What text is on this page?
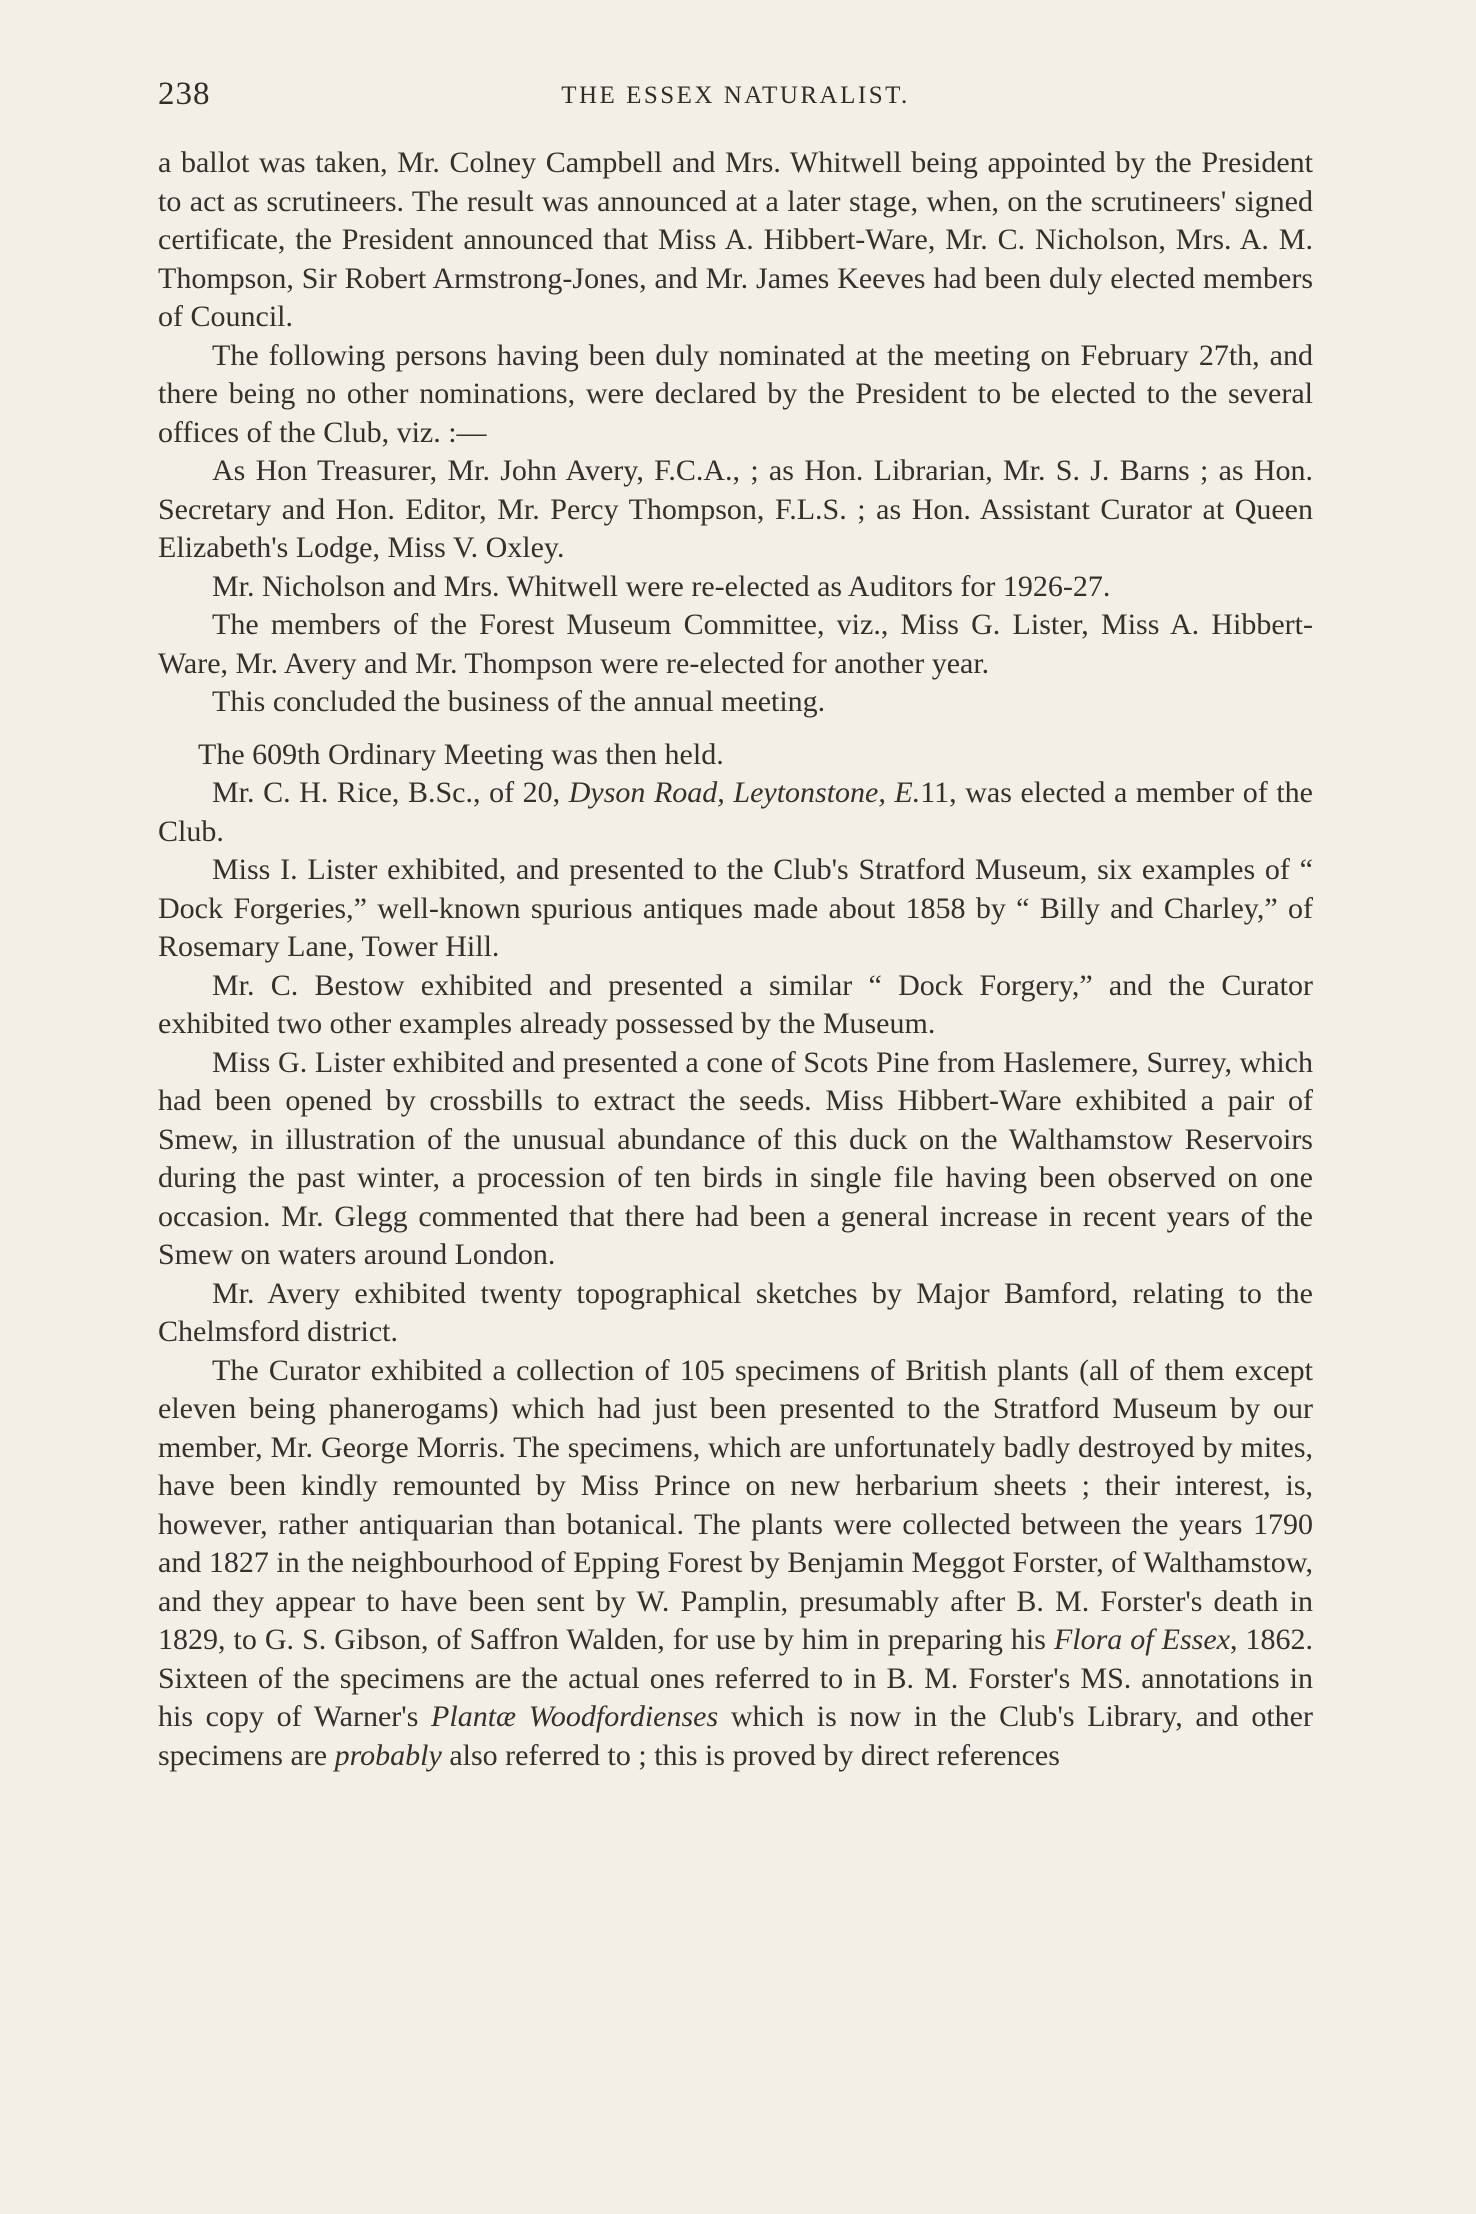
238	THE ESSEX NATURALIST.

a ballot was taken, Mr. Colney Campbell and Mrs. Whitwell being appointed by the President to act as scrutineers. The result was announced at a later stage, when, on the scrutineers' signed certificate, the President announced that Miss A. Hibbert-Ware, Mr. C. Nicholson, Mrs. A. M. Thompson, Sir Robert Armstrong-Jones, and Mr. James Keeves had been duly elected members of Council.

The following persons having been duly nominated at the meeting on February 27th, and there being no other nominations, were declared by the President to be elected to the several offices of the Club, viz. :—

As Hon Treasurer, Mr. John Avery, F.C.A., ; as Hon. Librarian, Mr. S. J. Barns ; as Hon. Secretary and Hon. Editor, Mr. Percy Thompson, F.L.S. ; as Hon. Assistant Curator at Queen Elizabeth's Lodge, Miss V. Oxley.

Mr. Nicholson and Mrs. Whitwell were re-elected as Auditors for 1926-27.

The members of the Forest Museum Committee, viz., Miss G. Lister, Miss A. Hibbert-Ware, Mr. Avery and Mr. Thompson were re-elected for another year.

This concluded the business of the annual meeting.

The 609th Ordinary Meeting was then held.

Mr. C. H. Rice, B.Sc., of 20, Dyson Road, Leytonstone, E.11, was elected a member of the Club.

Miss I. Lister exhibited, and presented to the Club's Stratford Museum, six examples of “ Dock Forgeries,” well-known spurious antiques made about 1858 by “ Billy and Charley,” of Rosemary Lane, Tower Hill.

Mr. C. Bestow exhibited and presented a similar “ Dock Forgery,” and the Curator exhibited two other examples already possessed by the Museum.

Miss G. Lister exhibited and presented a cone of Scots Pine from Haslemere, Surrey, which had been opened by crossbills to extract the seeds. Miss Hibbert-Ware exhibited a pair of Smew, in illustration of the unusual abundance of this duck on the Walthamstow Reservoirs during the past winter, a procession of ten birds in single file having been observed on one occasion. Mr. Glegg commented that there had been a general increase in recent years of the Smew on waters around London.

Mr. Avery exhibited twenty topographical sketches by Major Bamford, relating to the Chelmsford district.

The Curator exhibited a collection of 105 specimens of British plants (all of them except eleven being phanerogams) which had just been presented to the Stratford Museum by our member, Mr. George Morris. The specimens, which are unfortunately badly destroyed by mites, have been kindly remounted by Miss Prince on new herbarium sheets ; their interest, is, however, rather antiquarian than botanical. The plants were collected between the years 1790 and 1827 in the neighbourhood of Epping Forest by Benjamin Meggot Forster, of Walthamstow, and they appear to have been sent by W. Pamplin, presumably after B. M. Forster's death in 1829, to G. S. Gibson, of Saffron Walden, for use by him in preparing his Flora of Essex, 1862. Sixteen of the specimens are the actual ones referred to in B. M. Forster's MS. annotations in his copy of Warner's Plantæ Woodfordienses which is now in the Club's Library, and other specimens are probably also referred to ; this is proved by direct references
